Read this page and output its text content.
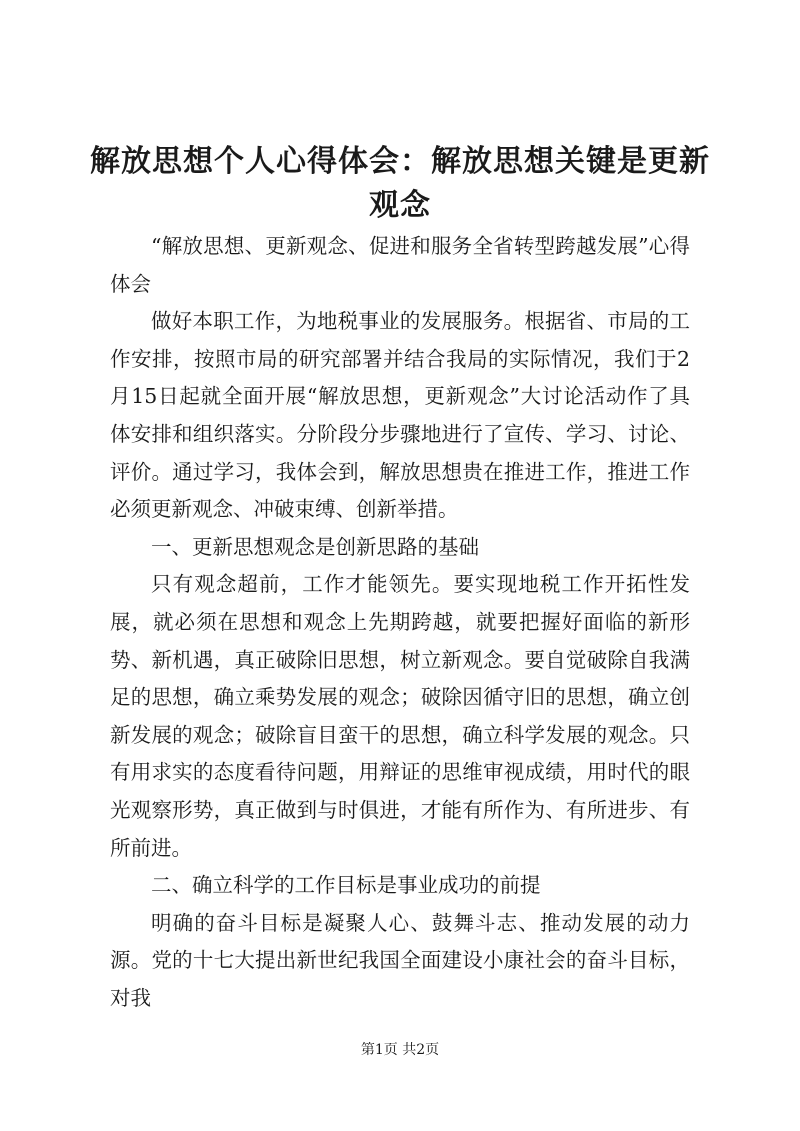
解放思想个人心得体会：解放思想关键是更新观念

“解放思想、更新观念、促进和服务全省转型跨越发展”心得体会

做好本职工作，为地税事业的发展服务。根据省、市局的工作安排，按照市局的研究部署并结合我局的实际情况，我们于2月15日起就全面开展“解放思想，更新观念”大讨论活动作了具体安排和组织落实。分阶段分步骤地进行了宣传、学习、讨论、评价。通过学习，我体会到，解放思想贵在推进工作，推进工作必须更新观念、冲破束缚、创新举措。

一、更新思想观念是创新思路的基础

只有观念超前，工作才能领先。要实现地税工作开拓性发展，就必须在思想和观念上先期跨越，就要把握好面临的新形势、新机遇，真正破除旧思想，树立新观念。要自觉破除自我满足的思想，确立乘势发展的观念；破除因循守旧的思想，确立创新发展的观念；破除盲目蛮干的思想，确立科学发展的观念。只有用求实的态度看待问题，用辩证的思维审视成绩，用时代的眼光观察形势，真正做到与时俱进，才能有所作为、有所进步、有所前进。

二、确立科学的工作目标是事业成功的前提

明确的奋斗目标是凝聚人心、鼓舞斗志、推动发展的动力源。党的十七大提出新世纪我国全面建设小康社会的奋斗目标，对我

第1页 共2页
